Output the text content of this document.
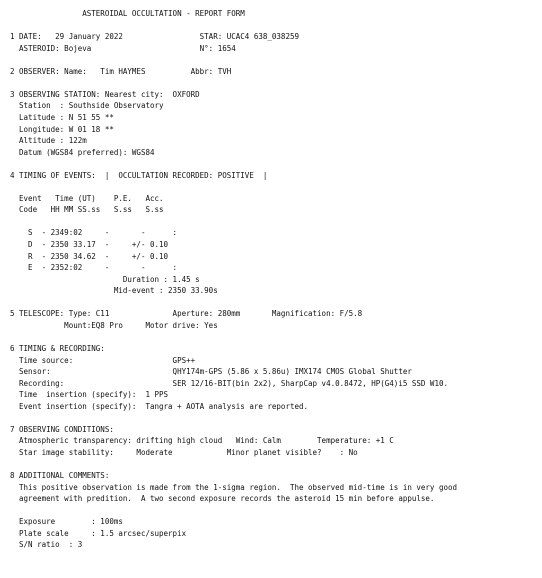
ASTEROIDAL OCCULTATION - REPORT FORM
1 DATE:   29 January 2022                 STAR: UCAC4 638_038259
ASTEROID: Bojeva                        N°: 1654
2 OBSERVER: Name:   Tim HAYMES          Abbr: TVH
3 OBSERVING STATION: Nearest city:  OXFORD
Station  : Southside Observatory
Latitude : N 51 55 **
Longitude: W 01 18 **
Altitude : 122m
Datum (WGS84 preferred): WGS84
4 TIMING OF EVENTS:  |  OCCULTATION RECORDED: POSITIVE  |
Event   Time (UT)    P.E.   Acc.
Code   HH MM SS.ss   S.ss   S.ss
S  - 2349:02     -       -      :
D  - 2350 33.17  -     +/- 0.10
R  - 2350 34.62  -     +/- 0.10
E  - 2352:02     -       -      :
Duration : 1.45 s
Mid-event : 2350 33.90s
5 TELESCOPE: Type: C11              Aperture: 280mm       Magnification: F/5.8
Mount:EQ8 Pro     Motor drive: Yes
6 TIMING & RECORDING:
Time source:                      GPS++
Sensor:                           QHY174m-GPS (5.86 x 5.86u) IMX174 CMOS Global Shutter
Recording:                        SER 12/16-BIT(bin 2x2), SharpCap v4.0.8472, HP(G4)i5 SSD W10.
Time  insertion (specify):  1 PPS
Event insertion (specify):  Tangra + AOTA analysis are reported.
7 OBSERVING CONDITIONS:
Atmospheric transparency: drifting high cloud   Wind: Calm        Temperature: +1 C
Star image stability:     Moderate            Minor planet visible?    : No
8 ADDITIONAL COMMENTS:
This positive observation is made from the 1-sigma region.  The observed mid-time is in very good
agreement with predition.  A two second exposure records the asteroid 15 min before appulse.
Exposure        : 100ms
Plate scale     : 1.5 arcsec/superpix
S/N ratio  : 3
